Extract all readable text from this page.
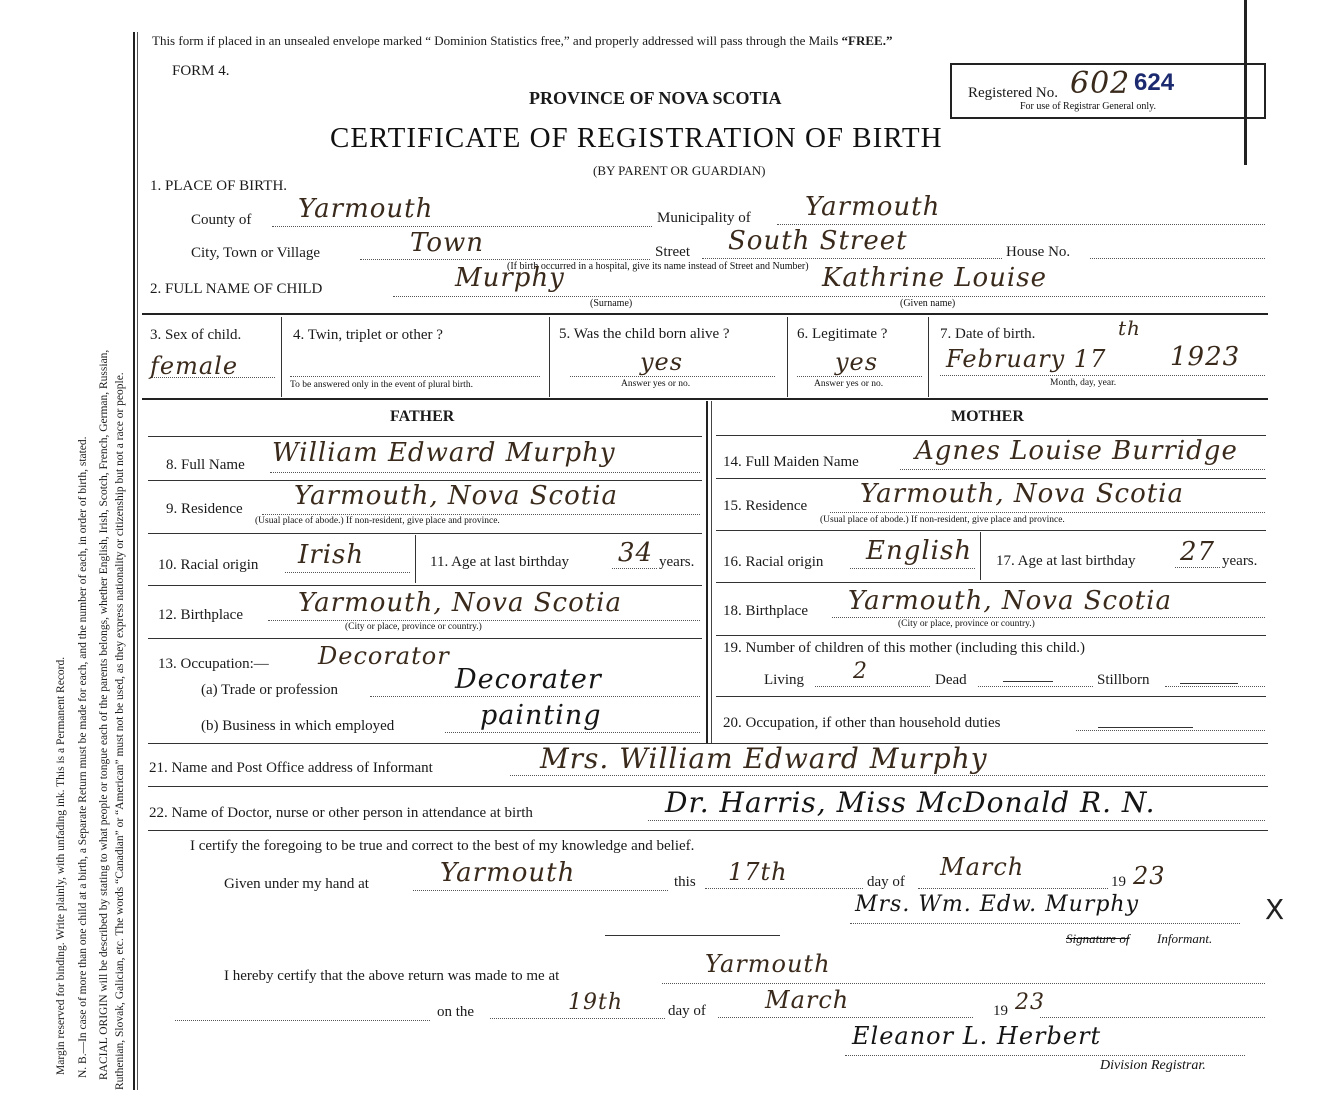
Margin reserved for binding. Write plainly, with unfading ink. This is a Permanent Record. N. B.—In case of more than one child at a birth, a Separate Return must be made for each, and the number of each, in order of birth, stated. RACIAL ORIGIN will be described by stating to what people or tongue each of the parents belongs, whether English, Irish, Scotch, French, German, Russian, Ruthenian, Slovak, Galician, etc. The words “Canadian” or “American” must not be used, as they express nationality or citizenship but not a race or people.
This form if placed in an unsealed envelope marked “ Dominion Statistics free,” and properly addressed will pass through the Mails “FREE.”
FORM 4.
Registered No. 602 624
For use of Registrar General only.
PROVINCE OF NOVA SCOTIA
CERTIFICATE OF REGISTRATION OF BIRTH
(BY PARENT OR GUARDIAN)
1. PLACE OF BIRTH.
County of Yarmouth	Municipality of Yarmouth
City, Town or Village	Town	Street South Street	House No.
(If birth occurred in a hospital, give its name instead of Street and Number)
2. FULL NAME OF CHILD	Murphy
(Surname)
Kathrine Louise
(Given name)
3. Sex of child.
female
4. Twin, triplet or other ?
To be answered only in the event of plural birth.
5. Was the child born alive ?
yes
Answer yes or no.
6. Legitimate ?
yes
Answer yes or no.
7. Date of birth.	th
February 17 1923
Month, day, year.
FATHER	MOTHER
8. Full Name William Edward Murphy	14. Full Maiden Name Agnes Louise Burridge
9. Residence Yarmouth, Nova Scotia
(Usual place of abode.) If non-resident, give place and province.
15. Residence Yarmouth, Nova Scotia
(Usual place of abode.) If non-resident, give place and province.
10. Racial origin Irish	11. Age at last birthday 34 years. 16. Racial origin English 17. Age at last birthday 27 years.
12. Birthplace Yarmouth, Nova Scotia
(City or place, province or country.)
18. Birthplace Yarmouth, Nova Scotia
(City or place, province or country.)
13. Occupation:— Decorator
(a) Trade or profession	Decorater
(b) Business in which employed	painting
19. Number of children of this mother (including this child.)
Living 2	Dead	Stillborn
20. Occupation, if other than household duties
21. Name and Post Office address of Informant	Mrs. William Edward Murphy
22. Name of Doctor, nurse or other person in attendance at birth	Dr. Harris, Miss McDonald R. N.
I certify the foregoing to be true and correct to the best of my knowledge and belief.
Given under my hand at	Yarmouth	this 17th	day of
March
19 23
Mrs. Wm. Edw. Murphy	X
Signature of Informant.
I hereby certify that the above return was made to me at	Yarmouth
on the	19th	day of March	19 23
Eleanor L. Herbert
Division Registrar.
